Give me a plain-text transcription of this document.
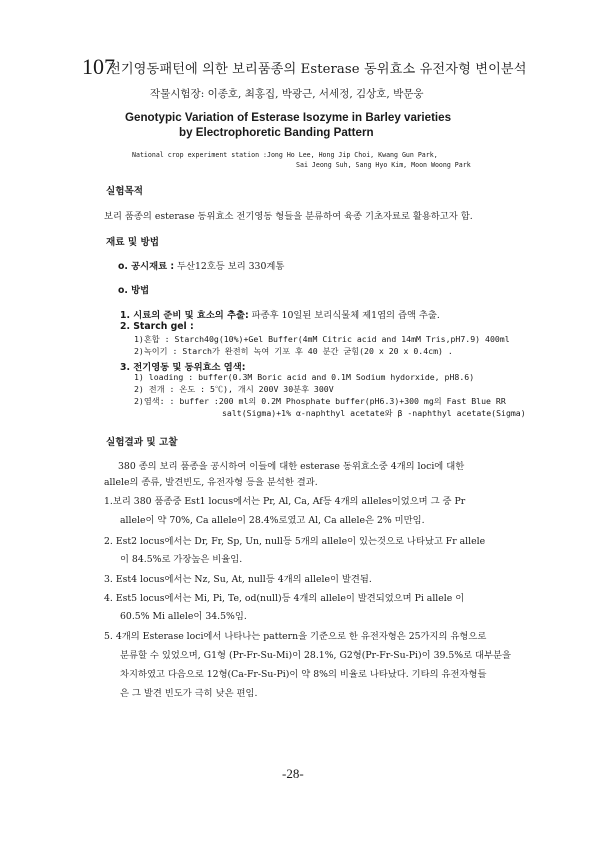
107
전기영동패턴에 의한 보리품종의 Esterase 동위효소 유전자형 변이분석
작물시험장: 이종호, 최홍집, 박광근, 서세정, 김상호, 박문웅
Genotypic Variation of Esterase Isozyme in Barley varieties
by Electrophoretic Banding Pattern
National crop experiment station :Jong Ho Lee, Hong Jip Choi, Kwang Gun Park,
Sai Jeong Suh, Sang Hyo Kim, Moon Woong Park
실험목적
보리 품종의 esterase 동위효소 전기영동 형들을 분류하여 육종 기초자료로 활용하고자 함.
재료 및 방법
o. 공시재료 : 두산12호등 보리 330계통
o. 방법
1. 시료의 준비 및 효소의 추출: 파종후 10일된 보리식물체 제1엽의 즙액 추출.
2. Starch gel :
1)혼합 : Starch40g(10%)+Gel Buffer(4mM Citric acid and 14mM Tris,pH7.9) 400ml
2)녹이기 : Starch가 완전히 녹여 기포 후 40 분간 굳힘(20 x 20 x 0.4cm) .
3. 전기영동 및 동위효소 염색:
1) loading : buffer(0.3M Boric acid and 0.1M Sodium hydorxide, pH8.6)
2) 전개 : 온도 : 5℃), 개시 200V 30분후 300V
2)염색: : buffer :200 ml의 0.2M Phosphate buffer(pH6.3)+300 mg의 Fast Blue RR
salt(Sigma)+1% α-naphthyl acetate와 β -naphthyl acetate(Sigma)
실험결과 및 고찰
380 종의 보리 품종을 공시하여 이들에 대한 esterase 동위효소중 4개의 loci에 대한
allele의 종류, 발견빈도, 유전자형 등을 분석한 결과.
1.보리 380 품종중 Est1 locus에서는 Pr, Al, Ca, Af등 4개의 alleles이었으며 그 중 Pr
allele이 약 70%, Ca allele이 28.4%로였고 Al, Ca allele은 2% 미만임.
2. Est2 locus에서는 Dr, Fr, Sp, Un, null등 5개의 allele이 있는것으로 나타났고 Fr allele
이 84.5%로 가장높은 비율임.
3. Est4 locus에서는 Nz, Su, At, null등 4개의 allele이 발견됨.
4. Est5 locus에서는 Mi, Pi, Te, od(null)등 4개의 allele이 발견되었으며 Pi allele 이
60.5% Mi allele이 34.5%임.
5. 4개의 Esterase loci에서 나타나는 pattern을 기준으로 한 유전자형은 25가지의 유형으로
분류할 수 있었으며, G1형 (Pr-Fr-Su-Mi)이 28.1%, G2형(Pr-Fr-Su-Pi)이 39.5%로 대부분을
차지하였고 다음으로 12형(Ca-Fr-Su-Pi)이 약 8%의 비율로 나타났다. 기타의 유전자형들
은 그 발견 빈도가 극히 낮은 편임.
-28-
